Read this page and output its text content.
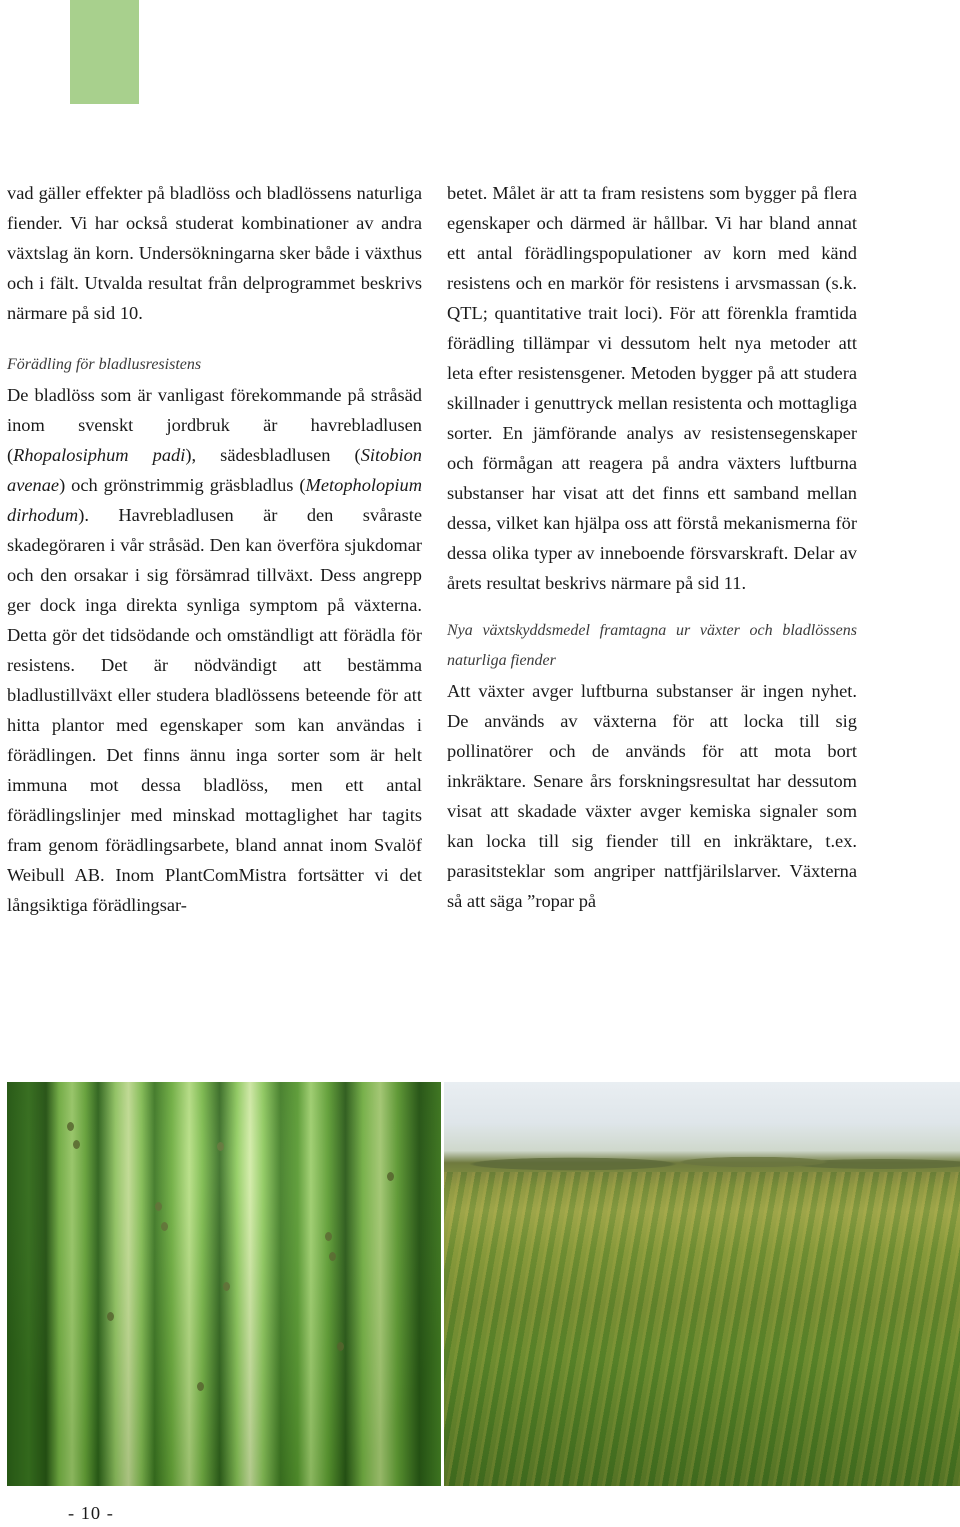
vad gäller effekter på bladlöss och bladlössens naturliga fiender. Vi har också studerat kombinationer av andra växtslag än korn. Undersökningarna sker både i växthus och i fält. Utvalda resultat från delprogrammet beskrivs närmare på sid 10.

Förädling för bladlusresistens

De bladlöss som är vanligast förekommande på stråsäd inom svenskt jordbruk är havrebladlusen (Rhopalosiphum padi), sädesbladlusen (Sitobion avenae) och grönstrimmig gräsbladlus (Metopholopium dirhodum). Havrebladlusen är den svåraste skadegöraren i vår stråsäd. Den kan överföra sjukdomar och den orsakar i sig försämrad tillväxt. Dess angrepp ger dock inga direkta synliga symptom på växterna. Detta gör det tidsödande och omständligt att förädla för resistens. Det är nödvändigt att bestämma bladlustillväxt eller studera bladlössens beteende för att hitta plantor med egenskaper som kan användas i förädlingen. Det finns ännu inga sorter som är helt immuna mot dessa bladlöss, men ett antal förädlingslinjer med minskad mottaglighet har tagits fram genom förädlingsarbete, bland annat inom Svalöf Weibull AB. Inom PlantComMistra fortsätter vi det långsiktiga förädlingsar-

betet. Målet är att ta fram resistens som bygger på flera egenskaper och därmed är hållbar. Vi har bland annat ett antal förädlingspopulationer av korn med känd resistens och en markör för resistens i arvsmassan (s.k. QTL; quantitative trait loci). För att förenkla framtida förädling tillämpar vi dessutom helt nya metoder att leta efter resistensgener. Metoden bygger på att studera skillnader i genuttryck mellan resistenta och mottagliga sorter. En jämförande analys av resistensegenskaper och förmågan att reagera på andra växters luftburna substanser har visat att det finns ett samband mellan dessa, vilket kan hjälpa oss att förstå mekanismerna för dessa olika typer av inneboende försvarskraft. Delar av årets resultat beskrivs närmare på sid 11.

Nya växtskyddsmedel framtagna ur växter och bladlössens naturliga fiender

Att växter avger luftburna substanser är ingen nyhet. De används av växterna för att locka till sig pollinatörer och de används för att mota bort inkräktare. Senare års forskningsresultat har dessutom visat att skadade växter avger kemiska signaler som kan locka till sig fiender till en inkräktare, t.ex. parasitsteklar som angriper nattfjärilslarver. Växterna så att säga ”ropar på

- 10 -
